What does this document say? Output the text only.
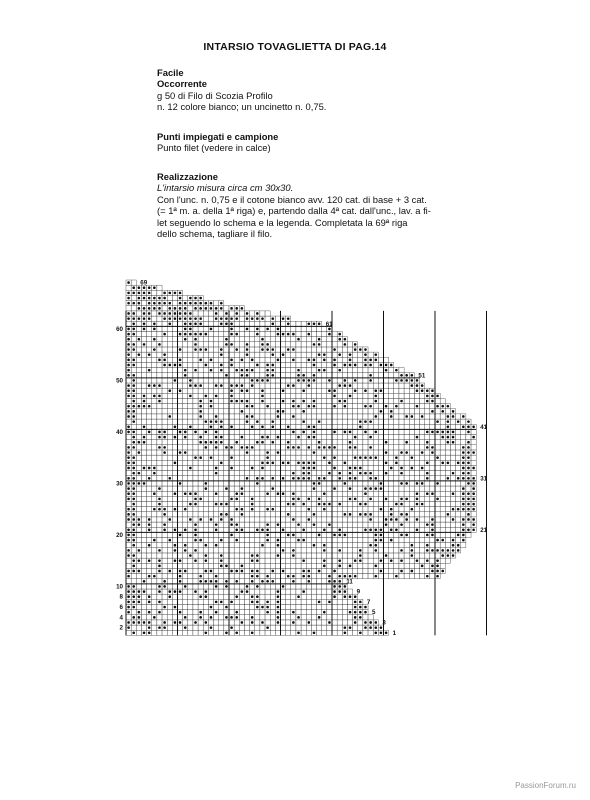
INTARSIO TOVAGLIETTA DI PAG.14
Facile
Occorrente
g 50 di Filo di Scozia Profilo
n. 12 colore bianco; un uncinetto n. 0,75.
Punti impiegati e campione
Punto filet (vedere in calce)
Realizzazione
L'intarsio misura circa cm 30x30.
Con l'unc. n. 0,75 e il cotone bianco avv. 120 cat. di base + 3 cat.
(= 1ª m. a. della 1ª riga) e, partendo dalla 4ª cat. dall'unc., lav. a fi-
let seguendo lo schema e la legenda. Completata la 69ª riga
dello schema, tagliare il filo.
60
50
40
30
20
10
8
6
4
2
69
61
51
41
31
21
11
9
7
5
3
1
PassionForum.ru
